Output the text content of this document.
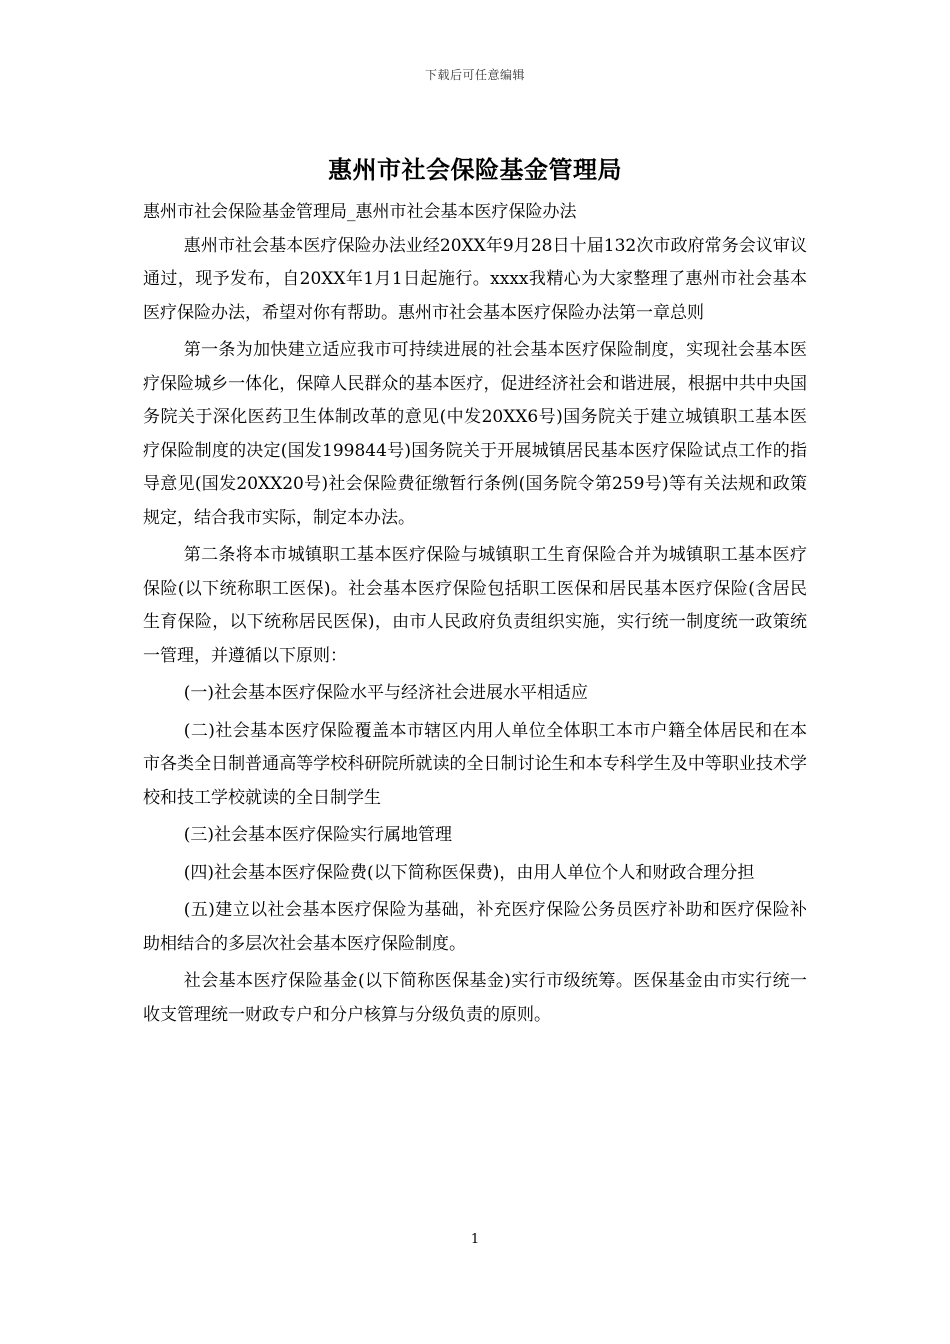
下载后可任意编辑
惠州市社会保险基金管理局

惠州市社会保险基金管理局_惠州市社会基本医疗保险办法

惠州市社会基本医疗保险办法业经20XX年9月28日十届132次市政府常务会议审议通过，现予发布，自20XX年1月1日起施行。xxxx我精心为大家整理了惠州市社会基本医疗保险办法，希望对你有帮助。惠州市社会基本医疗保险办法第一章总则

第一条为加快建立适应我市可持续进展的社会基本医疗保险制度，实现社会基本医疗保险城乡一体化，保障人民群众的基本医疗，促进经济社会和谐进展，根据中共中央国务院关于深化医药卫生体制改革的意见(中发20XX6号)国务院关于建立城镇职工基本医疗保险制度的决定(国发199844号)国务院关于开展城镇居民基本医疗保险试点工作的指导意见(国发20XX20号)社会保险费征缴暂行条例(国务院令第259号)等有关法规和政策规定，结合我市实际，制定本办法。

第二条将本市城镇职工基本医疗保险与城镇职工生育保险合并为城镇职工基本医疗保险(以下统称职工医保)。社会基本医疗保险包括职工医保和居民基本医疗保险(含居民生育保险，以下统称居民医保)，由市人民政府负责组织实施，实行统一制度统一政策统一管理，并遵循以下原则：

(一)社会基本医疗保险水平与经济社会进展水平相适应

(二)社会基本医疗保险覆盖本市辖区内用人单位全体职工本市户籍全体居民和在本市各类全日制普通高等学校科研院所就读的全日制讨论生和本专科学生及中等职业技术学校和技工学校就读的全日制学生

(三)社会基本医疗保险实行属地管理

(四)社会基本医疗保险费(以下简称医保费)，由用人单位个人和财政合理分担

(五)建立以社会基本医疗保险为基础，补充医疗保险公务员医疗补助和医疗保险补助相结合的多层次社会基本医疗保险制度。

社会基本医疗保险基金(以下简称医保基金)实行市级统筹。医保基金由市实行统一收支管理统一财政专户和分户核算与分级负责的原则。

1
